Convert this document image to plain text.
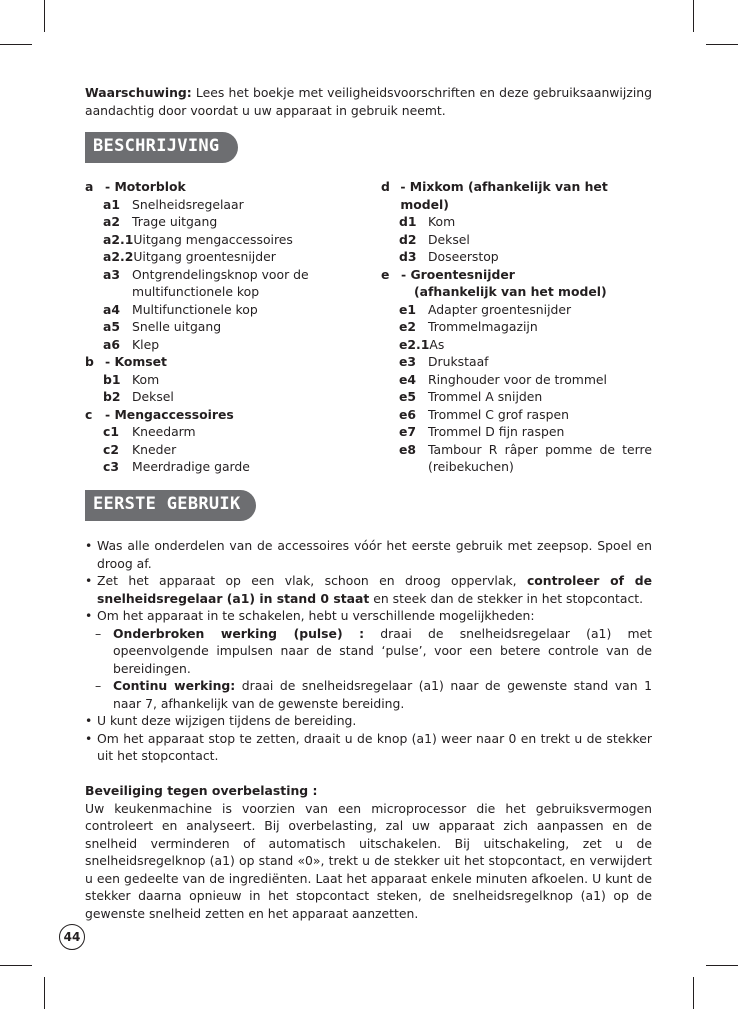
Waarschuwing: Lees het boekje met veiligheidsvoorschriften en deze gebruiksaanwijzing aandachtig door voordat u uw apparaat in gebruik neemt.

BESCHRIJVING
a - Motorblok
a1 Snelheidsregelaar
a2 Trage uitgang
a2.1 Uitgang mengaccessoires
a2.2 Uitgang groentesnijder
a3 Ontgrendelingsknop voor de multifunctionele kop
a4 Multifunctionele kop
a5 Snelle uitgang
a6 Klep
b - Komset
b1 Kom
b2 Deksel
c	- Mengaccessoires
c1	Kneedarm
c2	Kneder
c3	Meerdradige garde
d - Mixkom (afhankelijk van het model)
d1 Kom
d2 Deksel
d3 Doseerstop
e - Groentesnijder
(afhankelijk van het model)
e1 Adapter groentesnijder
e2 Trommelmagazijn
e2.1 As
e3 Drukstaaf
e4 Ringhouder voor de trommel
e5 Trommel A snijden
e6 Trommel C grof raspen
e7 Trommel D fijn raspen
e8 Tambour R râper pomme de terre (reibekuchen)
EERSTE GEBRUIK
• Was alle onderdelen van de accessoires vóór het eerste gebruik met zeepsop. Spoel en droog af.
• Zet het apparaat op een vlak, schoon en droog oppervlak, controleer of de snelheidsregelaar (a1) in stand 0 staat en steek dan de stekker in het stopcontact.
• Om het apparaat in te schakelen, hebt u verschillende mogelijkheden:
– Onderbroken werking (pulse) : draai de snelheidsregelaar (a1) met opeenvolgende impulsen naar de stand ‘pulse’, voor een betere controle van de bereidingen.
– Continu werking: draai de snelheidsregelaar (a1) naar de gewenste stand van 1 naar 7, afhankelijk van de gewenste bereiding.
• U kunt deze wijzigen tijdens de bereiding.
• Om het apparaat stop te zetten, draait u de knop (a1) weer naar 0 en trekt u de stekker uit het stopcontact.
Beveiliging tegen overbelasting :
Uw keukenmachine is voorzien van een microprocessor die het gebruiksvermogen controleert en analyseert. Bij overbelasting, zal uw apparaat zich aanpassen en de snelheid verminderen of automatisch uitschakelen. Bij uitschakeling, zet u de snelheidsregelknop (a1) op stand «0», trekt u de stekker uit het stopcontact, en verwijdert u een gedeelte van de ingrediënten. Laat het apparaat enkele minuten afkoelen. U kunt de stekker daarna opnieuw in het stopcontact steken, de snelheidsregelknop (a1) op de gewenste snelheid zetten en het apparaat aanzetten.
44
